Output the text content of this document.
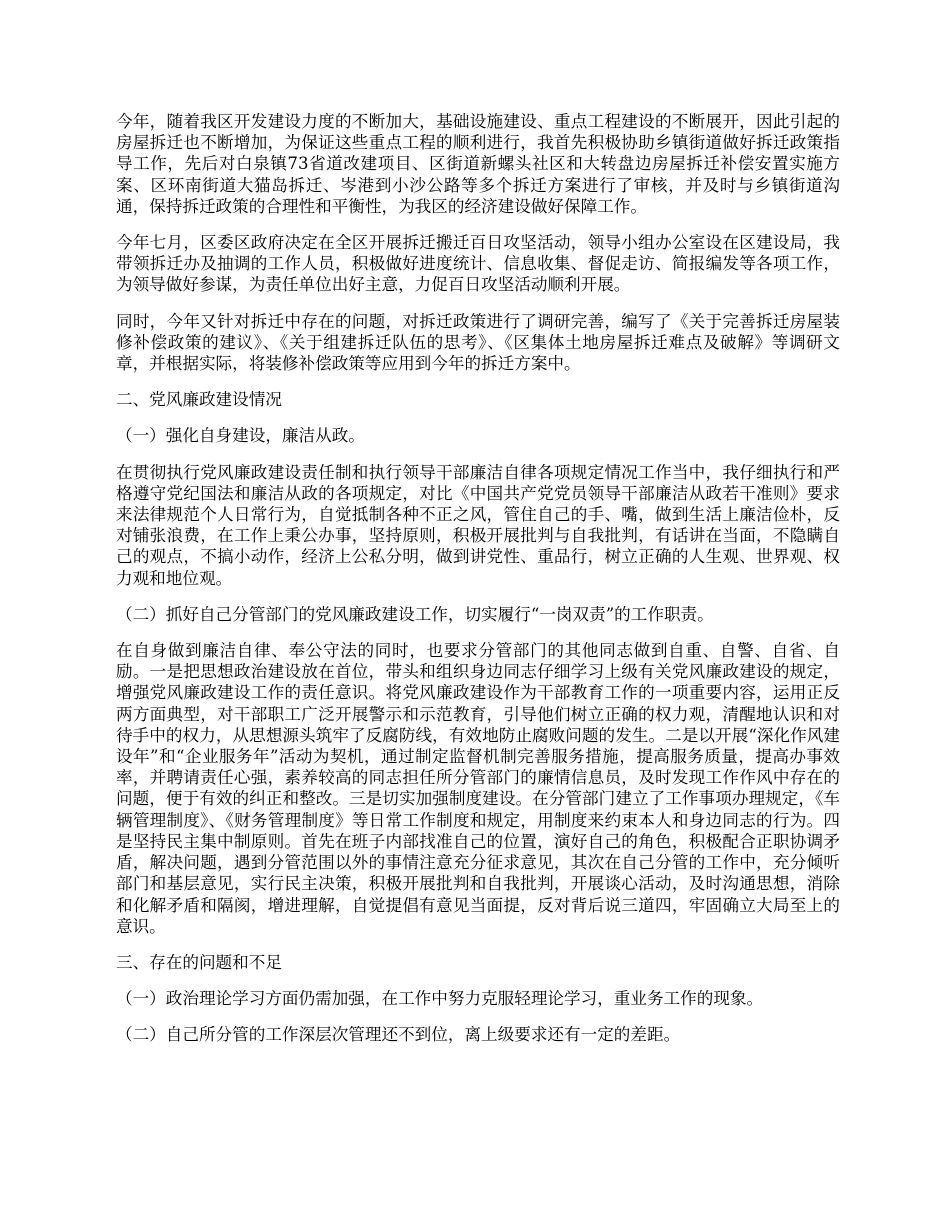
今年，随着我区开发建设力度的不断加大，基础设施建设、重点工程建设的不断展开，因此引起的房屋拆迁也不断增加，为保证这些重点工程的顺利进行，我首先积极协助乡镇街道做好拆迁政策指导工作，先后对白泉镇73省道改建项目、区街道新螺头社区和大转盘边房屋拆迁补偿安置实施方案、区环南街道大猫岛拆迁、岑港到小沙公路等多个拆迁方案进行了审核，并及时与乡镇街道沟通，保持拆迁政策的合理性和平衡性，为我区的经济建设做好保障工作。

今年七月，区委区政府决定在全区开展拆迁搬迁百日攻坚活动，领导小组办公室设在区建设局，我带领拆迁办及抽调的工作人员，积极做好进度统计、信息收集、督促走访、简报编发等各项工作，为领导做好参谋，为责任单位出好主意，力促百日攻坚活动顺利开展。

同时，今年又针对拆迁中存在的问题，对拆迁政策进行了调研完善，编写了《关于完善拆迁房屋装修补偿政策的建议》、《关于组建拆迁队伍的思考》、《区集体土地房屋拆迁难点及破解》等调研文章，并根据实际，将装修补偿政策等应用到今年的拆迁方案中。

二、党风廉政建设情况

（一）强化自身建设，廉洁从政。

在贯彻执行党风廉政建设责任制和执行领导干部廉洁自律各项规定情况工作当中，我仔细执行和严格遵守党纪国法和廉洁从政的各项规定，对比《中国共产党党员领导干部廉洁从政若干准则》要求来法律规范个人日常行为，自觉抵制各种不正之风，管住自己的手、嘴，做到生活上廉洁俭朴，反对铺张浪费，在工作上秉公办事，坚持原则，积极开展批判与自我批判，有话讲在当面，不隐瞒自己的观点，不搞小动作，经济上公私分明，做到讲党性、重品行，树立正确的人生观、世界观、权力观和地位观。

（二）抓好自己分管部门的党风廉政建设工作，切实履行“一岗双责”的工作职责。

在自身做到廉洁自律、奉公守法的同时，也要求分管部门的其他同志做到自重、自警、自省、自励。一是把思想政治建设放在首位，带头和组织身边同志仔细学习上级有关党风廉政建设的规定，增强党风廉政建设工作的责任意识。将党风廉政建设作为干部教育工作的一项重要内容，运用正反两方面典型，对干部职工广泛开展警示和示范教育，引导他们树立正确的权力观，清醒地认识和对待手中的权力，从思想源头筑牢了反腐防线，有效地防止腐败问题的发生。二是以开展“深化作风建设年”和“企业服务年”活动为契机，通过制定监督机制完善服务措施，提高服务质量，提高办事效率，并聘请责任心强，素养较高的同志担任所分管部门的廉情信息员，及时发现工作作风中存在的问题，便于有效的纠正和整改。三是切实加强制度建设。在分管部门建立了工作事项办理规定，《车辆管理制度》、《财务管理制度》等日常工作制度和规定，用制度来约束本人和身边同志的行为。四是坚持民主集中制原则。首先在班子内部找准自己的位置，演好自己的角色，积极配合正职协调矛盾，解决问题，遇到分管范围以外的事情注意充分征求意见，其次在自己分管的工作中，充分倾听部门和基层意见，实行民主决策，积极开展批判和自我批判，开展谈心活动，及时沟通思想，消除和化解矛盾和隔阂，增进理解，自觉提倡有意见当面提，反对背后说三道四，牢固确立大局至上的意识。

三、存在的问题和不足

（一）政治理论学习方面仍需加强，在工作中努力克服轻理论学习，重业务工作的现象。

（二）自己所分管的工作深层次管理还不到位，离上级要求还有一定的差距。
